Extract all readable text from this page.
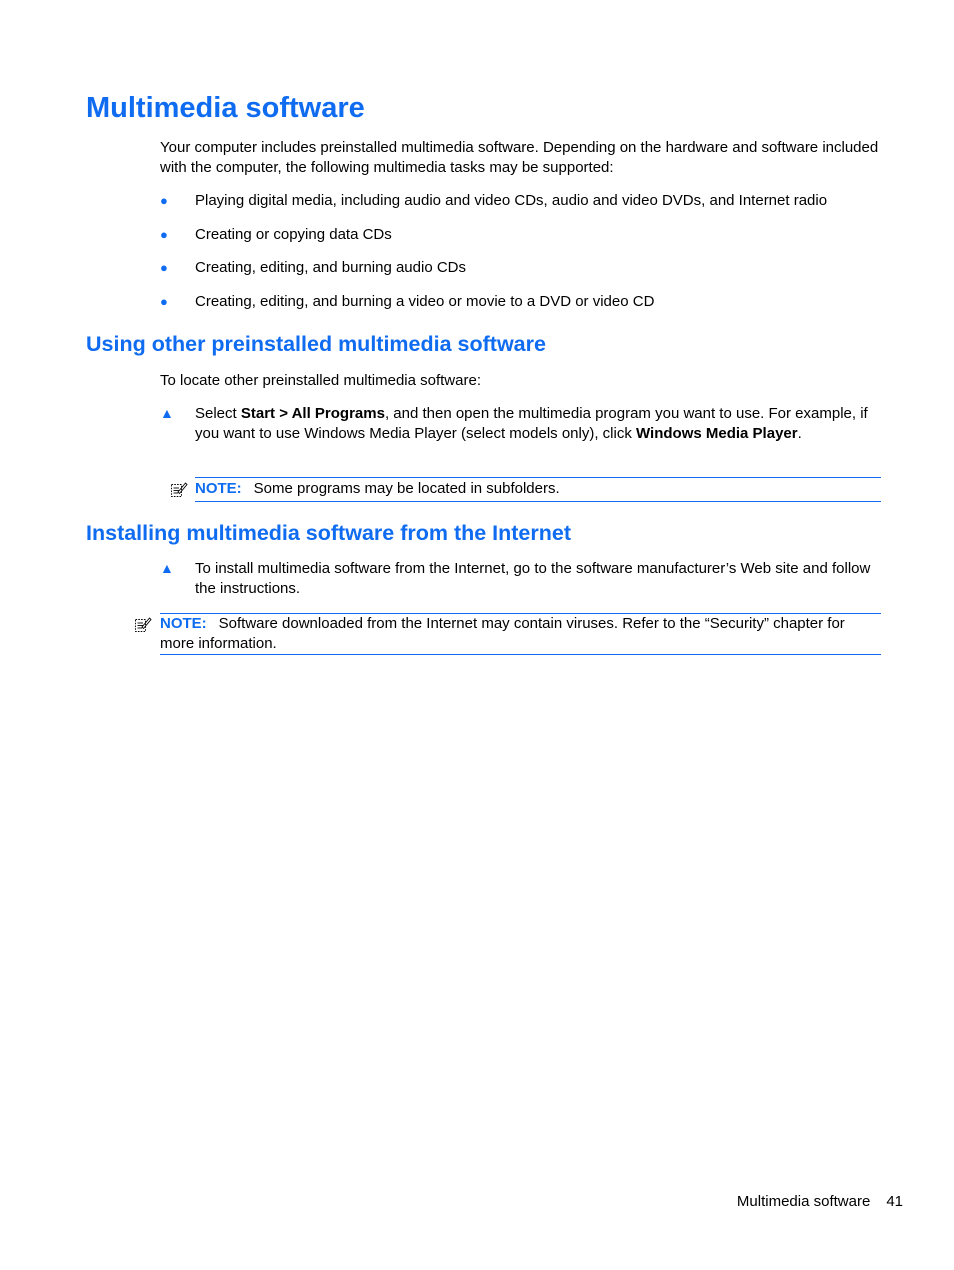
Multimedia software

Your computer includes preinstalled multimedia software. Depending on the hardware and software included with the computer, the following multimedia tasks may be supported:

● Playing digital media, including audio and video CDs, audio and video DVDs, and Internet radio
● Creating or copying data CDs
● Creating, editing, and burning audio CDs
● Creating, editing, and burning a video or movie to a DVD or video CD
Using other preinstalled multimedia software

To locate other preinstalled multimedia software:

▲ Select Start > All Programs, and then open the multimedia program you want to use. For example, if you want to use Windows Media Player (select models only), click Windows Media Player.
NOTE: Some programs may be located in subfolders.
Installing multimedia software from the Internet
▲ To install multimedia software from the Internet, go to the software manufacturer’s Web site and follow the instructions.
NOTE: Software downloaded from the Internet may contain viruses. Refer to the “Security” chapter for more information.
Multimedia software 41
